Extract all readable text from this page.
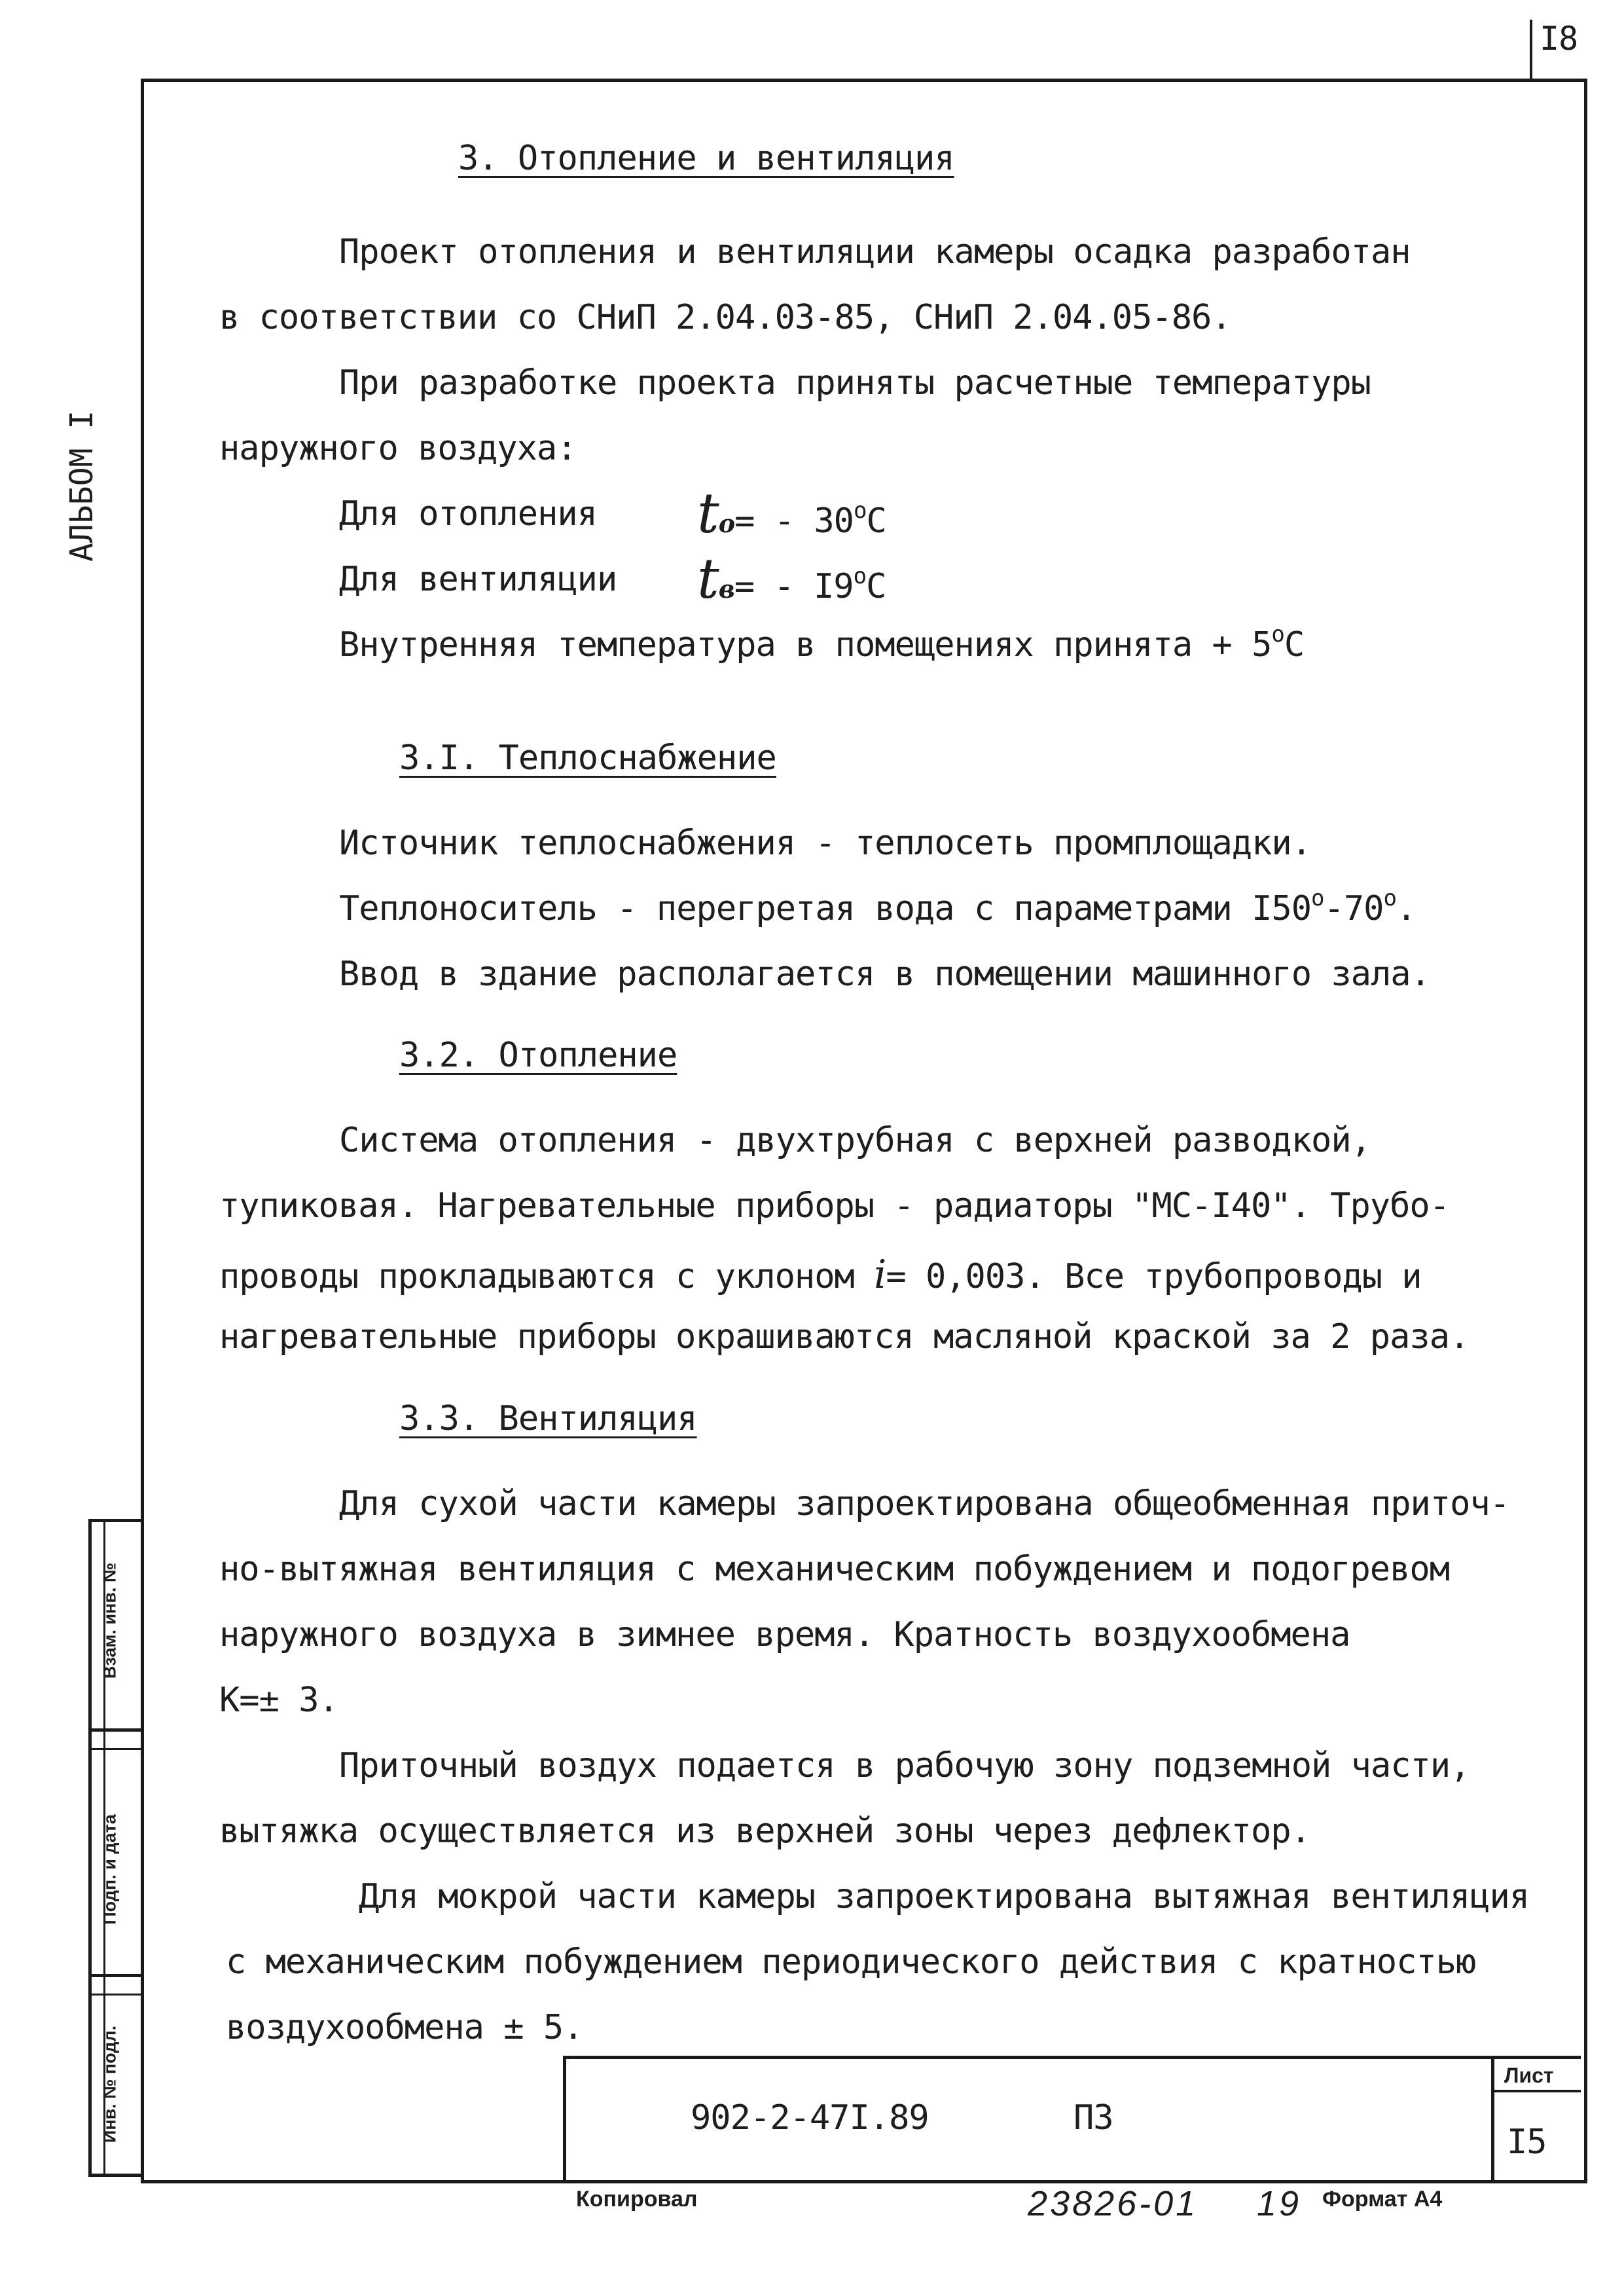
I8
АЛЬБОМ I
3. Отопление и вентиляция
Проект отопления и вентиляции камеры осадка разработан
в соответствии со СНиП 2.04.03-85, СНиП 2.04.05-86.
При разработке проекта приняты расчетные температуры
наружного воздуха:
Для отопления tо= - 30$^o$C
Для вентиляции tв= - I9$^o$C
Внутренняя температура в помещениях принята + $5^oC$
3.I. Теплоснабжение
Источник теплоснабжения - теплосеть промплощадки.
Теплоноситель - перегретая вода с параметрами I50$^o$-70$^o$.
Ввод в здание располагается в помещении машинного зала.
3.2. Отопление
Система отопления - двухтрубная с верхней разводкой,
тупиковая. Нагревательные приборы - радиаторы "МС-I40". Трубо-
проводы прокладываются с уклоном i= 0,003. Все трубопроводы и
нагревательные приборы окрашиваются масляной краской за 2 раза.
3.3. Вентиляция
Для сухой части камеры запроектирована общеобменная приточ-
но-вытяжная вентиляция с механическим побуждением и подогревом
наружного воздуха в зимнее время. Кратность воздухообмена
К=± 3.
Приточный воздух подается в рабочую зону подземной части,
вытяжка осуществляется из верхней зоны через дефлектор.
Для мокрой части камеры запроектирована вытяжная вентиляция
с механическим побуждением периодического действия с кратностью
воздухообмена ± 5.
902-2-47I.89	ПЗ
Лист
I5
Взам. инв. №
Подп. и дата
Инв. № подл.
Копировал	23826-01 19 Формат А4
